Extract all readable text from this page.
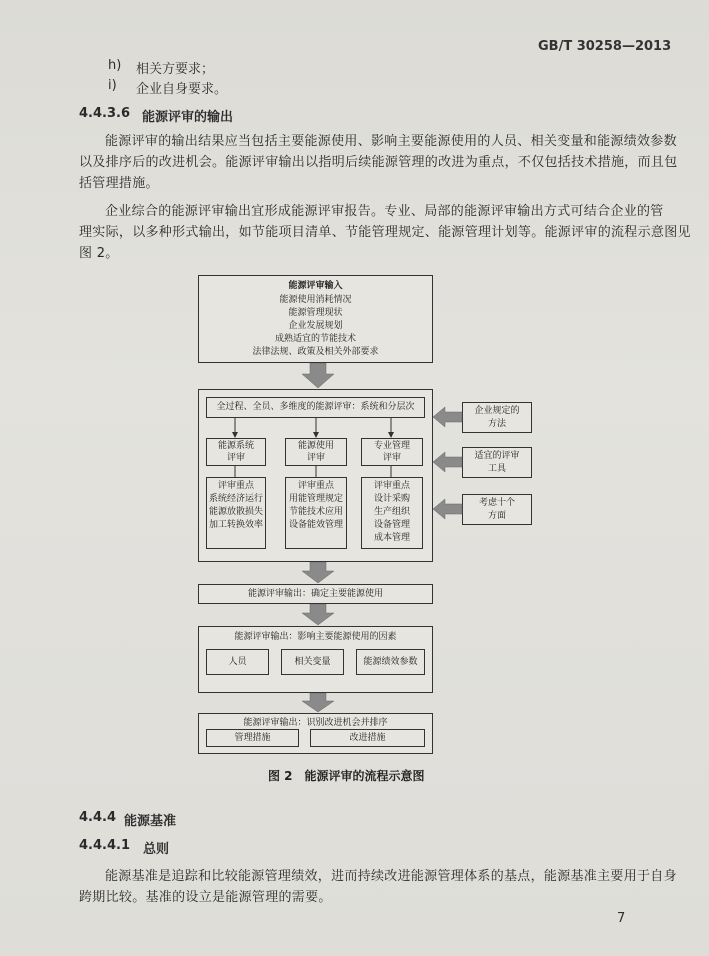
GB/T 30258—2013
h) 相关方要求；
i) 企业自身要求。
4.4.3.6 能源评审的输出
能源评审的输出结果应当包括主要能源使用、影响主要能源使用的人员、相关变量和能源绩效参数
以及排序后的改进机会。能源评审输出以指明后续能源管理的改进为重点，不仅包括技术措施，而且包
括管理措施。
企业综合的能源评审输出宜形成能源评审报告。专业、局部的能源评审输出方式可结合企业的管
理实际，以多种形式输出，如节能项目清单、节能管理规定、能源管理计划等。能源评审的流程示意图见
图 2。
能源评审输入
能源使用消耗情况
能源管理现状
企业发展规划
成熟适宜的节能技术
法律法规、政策及相关外部要求
全过程、全员、多维度的能源评审：系统和分层次
能源系统
评审
能源使用
评审
专业管理
评审
评审重点
系统经济运行
能源放散损失
加工转换效率
评审重点
用能管理规定
节能技术应用
设备能效管理
评审重点
设计采购
生产组织
设备管理
成本管理
企业规定的
方法
适宜的评审
工具
考虑十个
方面
能源评审输出：确定主要能源使用
能源评审输出：影响主要能源使用的因素
人员	相关变量	能源绩效参数
能源评审输出：识别改进机会并排序
管理措施	改进措施
图 2　能源评审的流程示意图
4.4.4 能源基准
4.4.4.1 总则
能源基准是追踪和比较能源管理绩效，进而持续改进能源管理体系的基点，能源基准主要用于自身
跨期比较。基准的设立是能源管理的需要。
7
